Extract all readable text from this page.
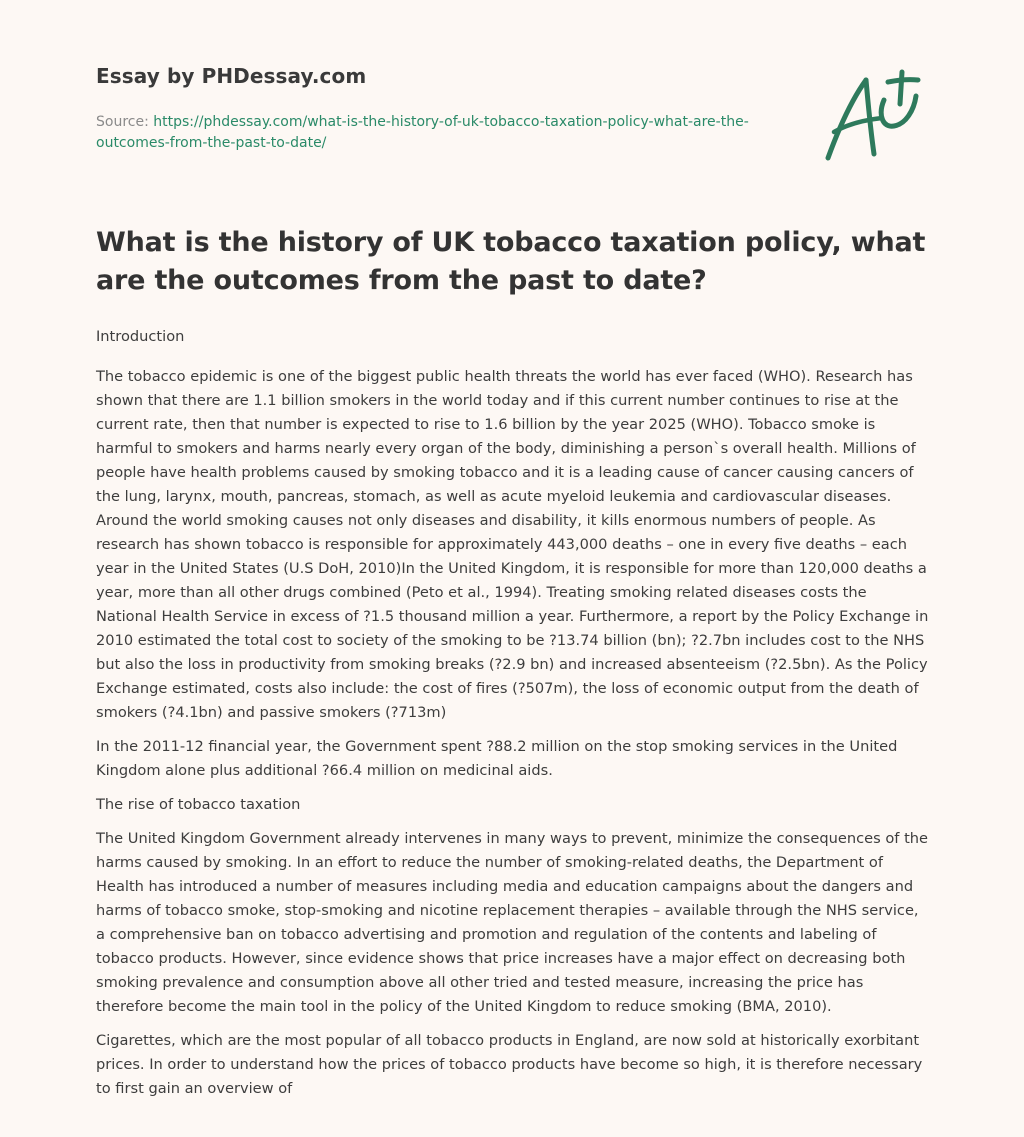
Essay by PHDessay.com
Source: https://phdessay.com/what-is-the-history-of-uk-tobacco-taxation-policy-what-are-the-outcomes-from-the-past-to-date/
What is the history of UK tobacco taxation policy, what are the outcomes from the past to date?

Introduction

The tobacco epidemic is one of the biggest public health threats the world has ever faced (WHO). Research has shown that there are 1.1 billion smokers in the world today and if this current number continues to rise at the current rate, then that number is expected to rise to 1.6 billion by the year 2025 (WHO). Tobacco smoke is harmful to smokers and harms nearly every organ of the body, diminishing a person`s overall health. Millions of people have health problems caused by smoking tobacco and it is a leading cause of cancer causing cancers of the lung, larynx, mouth, pancreas, stomach, as well as acute myeloid leukemia and cardiovascular diseases. Around the world smoking causes not only diseases and disability, it kills enormous numbers of people. As research has shown tobacco is responsible for approximately 443,000 deaths – one in every five deaths – each year in the United States (U.S DoH, 2010)In the United Kingdom, it is responsible for more than 120,000 deaths a year, more than all other drugs combined (Peto et al., 1994). Treating smoking related diseases costs the National Health Service in excess of ?1.5 thousand million a year. Furthermore, a report by the Policy Exchange in 2010 estimated the total cost to society of the smoking to be ?13.74 billion (bn); ?2.7bn includes cost to the NHS but also the loss in productivity from smoking breaks (?2.9 bn) and increased absenteeism (?2.5bn). As the Policy Exchange estimated, costs also include: the cost of fires (?507m), the loss of economic output from the death of smokers (?4.1bn) and passive smokers (?713m)

In the 2011-12 financial year, the Government spent ?88.2 million on the stop smoking services in the United Kingdom alone plus additional ?66.4 million on medicinal aids.

The rise of tobacco taxation

The United Kingdom Government already intervenes in many ways to prevent, minimize the consequences of the harms caused by smoking. In an effort to reduce the number of smoking-related deaths, the Department of Health has introduced a number of measures including media and education campaigns about the dangers and harms of tobacco smoke, stop-smoking and nicotine replacement therapies – available through the NHS service, a comprehensive ban on tobacco advertising and promotion and regulation of the contents and labeling of tobacco products. However, since evidence shows that price increases have a major effect on decreasing both smoking prevalence and consumption above all other tried and tested measure, increasing the price has therefore become the main tool in the policy of the United Kingdom to reduce smoking (BMA, 2010).

Cigarettes, which are the most popular of all tobacco products in England, are now sold at historically exorbitant prices. In order to understand how the prices of tobacco products have become so high, it is therefore necessary to first gain an overview of
